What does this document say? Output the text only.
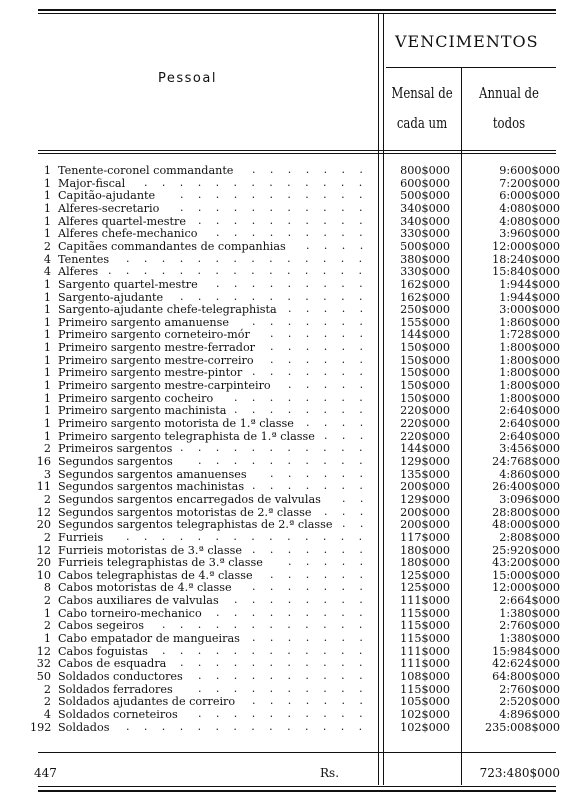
VENCIMENTOS
Pessoal
Mensal de
cada um
Annual de
todos
1 Tenente-coronel commandante	800$000	9:600$000
.......
1 Major-fiscal	600$000	7:200$000
.............
1 Capitão-ajudante	500$000	6:000$000
...........
1 Alferes-secretario	340$000	4:080$000
...........
1 Alferes quartel-mestre	340$000	4:080$000
..........
1 Alferes chefe-mechanico	330$000	3:960$000
.........
2 Capitães commandantes de companhias	500$000	12:000$000
....
4 Tenentes	380$000	18:240$000
..............
4 Alferes	330$000	15:840$000
...............
1 Sargento quartel-mestre	162$000	1:944$000
.........
1 Sargento-ajudante	162$000	1:944$000
...........
1 Sargento-ajudante chefe-telegraphista	250$000	3:000$000
.....
1 Primeiro sargento amanuense	155$000	1:860$000
.......
1 Primeiro sargento corneteiro-mór	144$000	1:728$000
......
1 Primeiro sargento mestre-ferrador	150$000	1:800$000
......
1 Primeiro sargento mestre-correiro	150$000	1:800$000
......
1 Primeiro sargento mestre-pintor	150$000	1:800$000
.......
1 Primeiro sargento mestre-carpinteiro	150$000	1:800$000
.....
1 Primeiro sargento cocheiro	150$000	1:800$000
........
1 Primeiro sargento machinista	220$000	2:640$000
........
1 Primeiro sargento motorista de 1.ª classe	220$000	2:640$000
....
1 Primeiro sargento telegraphista de 1.ª classe	220$000	2:640$000
...
2 Primeiros sargentos	144$000	3:456$000
...........
16 Segundos sargentos	129$000	24:768$000
..........
3 Segundos sargentos amanuenses	135$000	4:860$000
......
11 Segundos sargentos machinistas	200$000	26:400$000
.......
2 Segundos sargentos encarregados de valvulas	129$000	3:096$000
..
12 Segundos sargentos motoristas de 2.ª classe	200$000	28:800$000
...
20 Segundos sargentos telegraphistas de 2.ª classe	200$000	48:000$000
..
2 Furrieis	117$000	2:808$000
..............
12 Furrieis motoristas de 3.ª classe	180$000	25:920$000
.......
20 Furrieis telegraphistas de 3.ª classe	180$000	43:200$000
.....
10 Cabos telegraphistas de 4.ª classe	125$000	15:000$000
......
8 Cabos motoristas de 4.ª classe	125$000	12:000$000
.......
2 Cabos auxiliares de valvulas	111$000	2:664$000
........
1 Cabo torneiro-mechanico	115$000	1:380$000
.........
2 Cabos segeiros	115$000	2:760$000
............
1 Cabo empatador de mangueiras	115$000	1:380$000
.......
12 Cabos foguistas	111$000	15:984$000
............
32 Cabos de esquadra	111$000	42:624$000
...........
50 Soldados conductores	108$000	64:800$000
..........
2 Soldados ferradores	115$000	2:760$000
..........
2 Soldados ajudantes de correiro	105$000	2:520$000
.......
4 Soldados corneteiros	102$000	4:896$000
..........
192 Soldados	102$000	235:008$000
..............
447	Rs.	723:480$000
